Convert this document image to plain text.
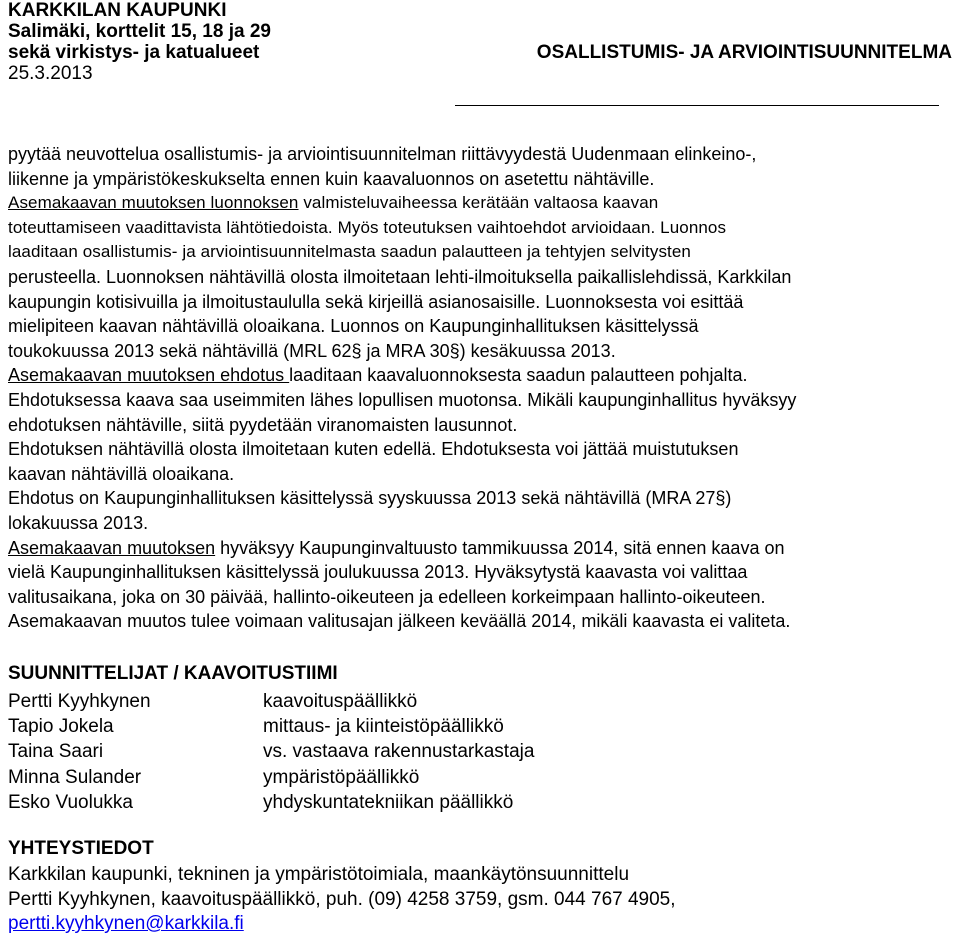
KARKKILAN KAUPUNKI
Salimäki, korttelit 15, 18 ja 29
sekä virkistys- ja katualueet
25.3.2013
OSALLISTUMIS- JA ARVIOINTISUUNNITELMA
pyytää neuvottelua osallistumis- ja arviointisuunnitelman riittävyydestä Uudenmaan elinkeino-,
liikenne ja ympäristökeskukselta ennen kuin kaavaluonnos on asetettu nähtäville.
Asemakaavan muutoksen luonnoksen valmisteluvaiheessa kerätään valtaosa kaavan
toteuttamiseen vaadittavista lähtötiedoista. Myös toteutuksen vaihtoehdot arvioidaan. Luonnos
laaditaan osallistumis- ja arviointisuunnitelmasta saadun palautteen ja tehtyjen selvitysten
perusteella. Luonnoksen nähtävillä olosta ilmoitetaan lehti-ilmoituksella paikallislehdissä, Karkkilan
kaupungin kotisivuilla ja ilmoitustaululla sekä kirjeillä asianosaisille. Luonnoksesta voi esittää
mielipiteen kaavan nähtävillä oloaikana. Luonnos on Kaupunginhallituksen käsittelyssä
toukokuussa 2013 sekä nähtävillä (MRL 62§ ja MRA 30§) kesäkuussa 2013.
Asemakaavan muutoksen ehdotus laaditaan kaavaluonnoksesta saadun palautteen pohjalta.
Ehdotuksessa kaava saa useimmiten lähes lopullisen muotonsa. Mikäli kaupunginhallitus hyväksyy
ehdotuksen nähtäville, siitä pyydetään viranomaisten lausunnot.
Ehdotuksen nähtävillä olosta ilmoitetaan kuten edellä. Ehdotuksesta voi jättää muistutuksen
kaavan nähtävillä oloaikana.
Ehdotus on Kaupunginhallituksen käsittelyssä syyskuussa 2013 sekä nähtävillä (MRA 27§)
lokakuussa 2013.
Asemakaavan muutoksen hyväksyy Kaupunginvaltuusto tammikuussa 2014, sitä ennen kaava on
vielä Kaupunginhallituksen käsittelyssä joulukuussa 2013. Hyväksytystä kaavasta voi valittaa
valitusaikana, joka on 30 päivää, hallinto-oikeuteen ja edelleen korkeimpaan hallinto-oikeuteen.
Asemakaavan muutos tulee voimaan valitusajan jälkeen keväällä 2014, mikäli kaavasta ei valiteta.
SUUNNITTELIJAT / KAAVOITUSTIIMI
Pertti Kyyhkynen	kaavoituspäällikkö
Tapio Jokela	mittaus- ja kiinteistöpäällikkö
Taina Saari	vs. vastaava rakennustarkastaja
Minna Sulander	ympäristöpäällikkö
Esko Vuolukka	yhdyskuntatekniikan päällikkö
YHTEYSTIEDOT
Karkkilan kaupunki, tekninen ja ympäristötoimiala, maankäytönsuunnittelu
Pertti Kyyhkynen, kaavoituspäällikkö, puh. (09) 4258 3759, gsm. 044 767 4905,
pertti.kyyhkynen@karkkila.fi
